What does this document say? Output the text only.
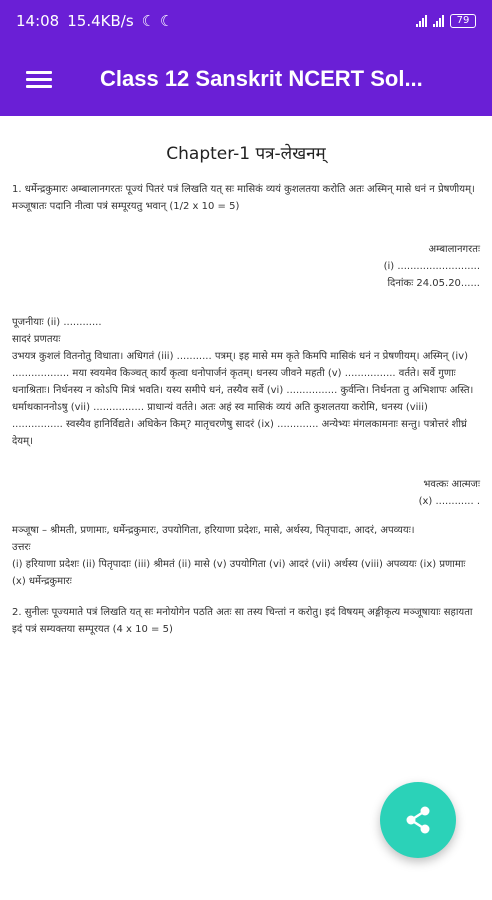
14:08 15.4KB/s ☾ ☾	79
Class 12 Sanskrit NCERT Sol...
Chapter-1 पत्र-लेखनम्
1. धर्मेन्द्रकुमारः अम्बालानगरतः पूज्यं पितरं पत्रं लिखति यत् सः मासिकं व्ययं कुशलतया करोति अतः अस्मिन् मासे धनं न प्रेषणीयम्। मञ्जूषातः पदानि नीत्वा पत्रं सम्पूरयतु भवान् (1/2 x 10 = 5)
अम्बालानगरतः
(i) ..........................
दिनांकः 24.05.20......
पूजनीयाः (ii) ............
सादरं प्रणतयः
उभयत्र कुशलं वितनोतु विधाता। अधिगतं (iii) ........... पत्रम्। इह मासे मम कृते किमपि मासिकं धनं न प्रेषणीयम्। अस्मिन् (iv) .................. मया स्वयमेव किञ्चत् कार्यं कृत्वा धनोपार्जनं कृतम्। धनस्य जीवने महती (v) ................ वर्तते। सर्वे गुणाः धनाश्रिताः। निर्धनस्य न कोऽपि मित्रं भवति। यस्य समीपे धनं, तस्यैव सर्वे (vi) ................ कुर्वन्ति। निर्धनता तु अभिशापः अस्ति। धर्माथकाननोऽषु (vii) ................ प्राधान्यं वर्तते। अतः अहं स्व मासिकं व्ययं अति कुशलतया करोमि, धनस्य (viii) ................ स्वस्यैव हानिर्विद्यते। अधिकेन किम्? मातृचरणेषु सादरं (ix) ............. अन्येभ्यः मंगलकामनाः सन्तु। पत्रोत्तरं शीघ्रं देयम्।
भवत्कः आत्मजः
(x) ............ .
मञ्जूषा – श्रीमती, प्रणामाः, धर्मेन्द्रकुमारः, उपयोगिता, हरियाणा प्रदेशः, मासे, अर्थस्य, पितृपादाः, आदरं, अपव्ययः।
उत्तरः
(i) हरियाणा प्रदेशः (ii) पितृपादाः (iii) श्रीमतं (ii) मासे (v) उपयोगिता (vi) आदरं (vii) अर्थस्य (viii) अपव्ययः (ix) प्रणामाः (x) धर्मेन्द्रकुमारः
2. सुनीलः पूज्यमाते पत्रं लिखति यत् सः मनोयोगेन पठति अतः सा तस्य चिन्तां न करोतु। इदं विषयम् अङ्गीकृत्य मञ्जूषायाः सहायता इदं पत्रं सम्यक्तया सम्पूरयत (4 x 10 = 5)
